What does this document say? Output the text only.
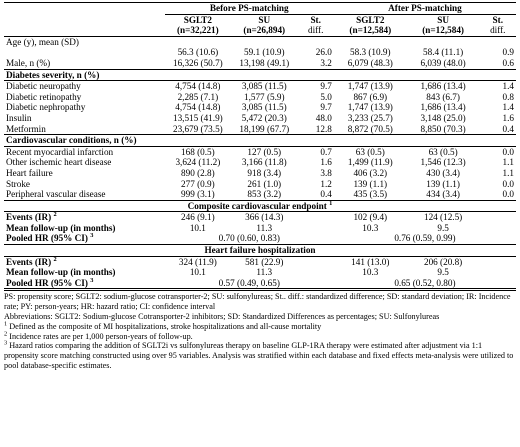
	Before PS-matching			After PS-matching		
	SGLT2	SU	St.	SGLT2	SU	St.
	(n=32,221)	(n=26,894)	diff.	(n=12,584)	(n=12,584)	diff.
Age (y), mean (SD)						
	56.3 (10.6)	59.1 (10.9)	26.0	58.3 (10.9)	58.4 (11.1)	0.9
Male, n (%)	16,326 (50.7)	13,198 (49.1)	3.2	6,079 (48.3)	6,039 (48.0)	0.6
Diabetes severity, n (%)						
Diabetic neuropathy	4,754 (14.8)	3,085 (11.5)	9.7	1,747 (13.9)	1,686 (13.4)	1.4
Diabetic retinopathy	2,285 (7.1)	1,577 (5.9)	5.0	867 (6.9)	843 (6.7)	0.8
Diabetic nephropathy	4,754 (14.8)	3,085 (11.5)	9.7	1,747 (13.9)	1,686 (13.4)	1.4
Insulin	13,515 (41.9)	5,472 (20.3)	48.0	3,233 (25.7)	3,148 (25.0)	1.6
Metformin	23,679 (73.5)	18,199 (67.7)	12.8	8,872 (70.5)	8,850 (70.3)	0.4
Cardiovascular conditions, n (%)						
Recent myocardial infarction	168 (0.5)	127 (0.5)	0.7	63 (0.5)	63 (0.5)	0.0
Other ischemic heart disease	3,624 (11.2)	3,166 (11.8)	1.6	1,499 (11.9)	1,546 (12.3)	1.1
Heart failure	890 (2.8)	918 (3.4)	3.8	406 (3.2)	430 (3.4)	1.1
Stroke	277 (0.9)	261 (1.0)	1.2	139 (1.1)	139 (1.1)	0.0
Peripheral vascular disease	999 (3.1)	853 (3.2)	0.4	435 (3.5)	434 (3.4)	0.0
Composite cardiovascular endpoint $^1$
Events (IR) $^2$	246 (9.1)	366 (14.3)		102 (9.4)	124 (12.5)	
Mean follow-up (in months)	10.1	11.3		10.3	9.5	
Pooled HR (95% CI) $^3$	0.70 (0.60, 0.83)			0.76 (0.59, 0.99)		
Heart failure hospitalization						
Events (IR) $^2$	324 (11.9)	581 (22.9)		141 (13.0)	206 (20.8)	
Mean follow-up (in months)	10.1	11.3		10.3	9.5	
Pooled HR (95% CI) $^3$	0.57 (0.49, 0.65)			0.65 (0.52, 0.80)		
PS: propensity score; SGLT2: sodium-glucose cotransporter-2; SU: sulfonylureas; St.. diff.: standardized difference; SD: standard deviation; IR: Incidence rate; PY: person-years; HR: hazard ratio; CI: confidence interval
Abbreviations: SGLT2: Sodium-glucose Cotransporter-2 inhibitors; SD: Standardized Differences as percentages; SU: Sulfonylureas
$^1$ Defined as the composite of MI hospitalizations, stroke hospitalizations and all-cause mortality
$^2$ Incidence rates are per 1,000 person-years of follow-up.
$^3$ Hazard ratios comparing the addition of SGLT2i vs sulfonylureas therapy on baseline GLP-1RA therapy were estimated after adjustment via 1:1 propensity score matching constructed using over 95 variables. Analysis was stratified within each database and fixed effects meta-analysis were utilized to pool database-specific estimates.
